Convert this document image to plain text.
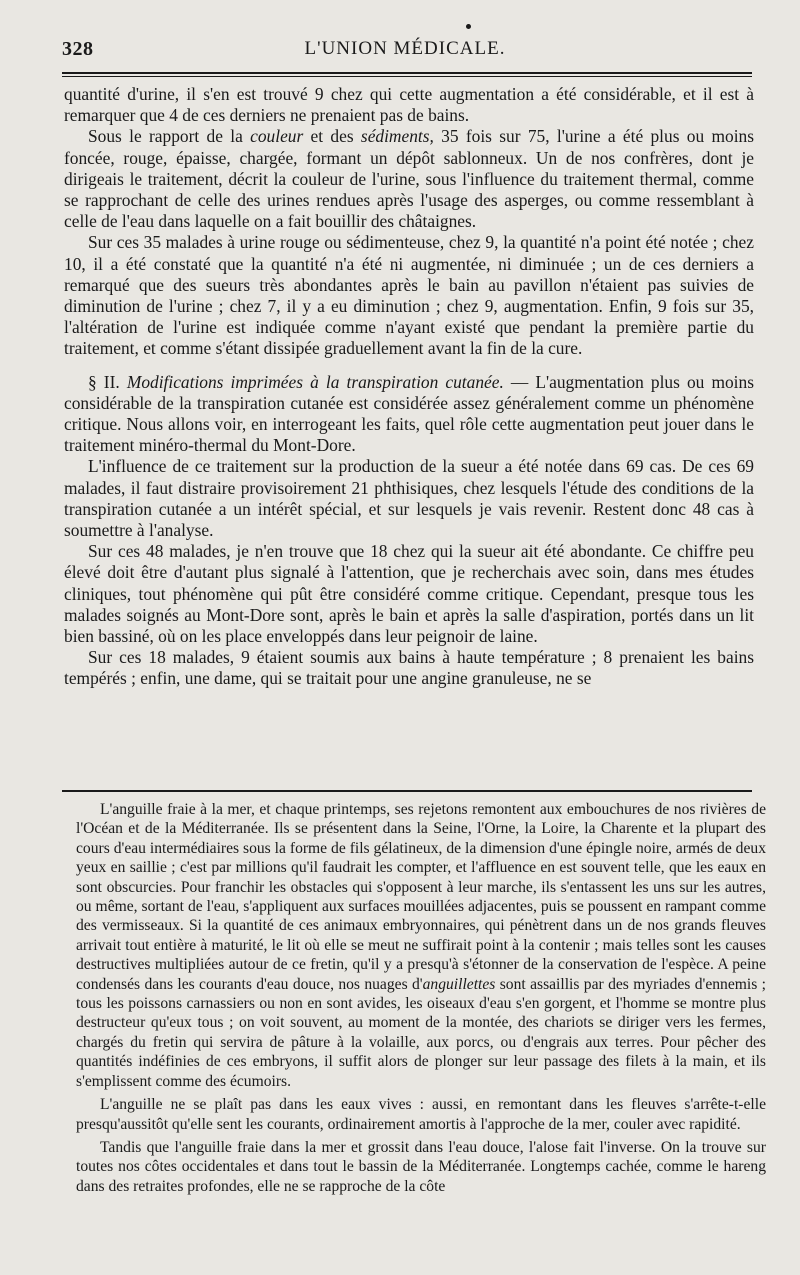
328	L'UNION MÉDICALE.

quantité d'urine, il s'en est trouvé 9 chez qui cette augmentation a été considérable, et il est à remarquer que 4 de ces derniers ne prenaient pas de bains.

Sous le rapport de la couleur et des sédiments, 35 fois sur 75, l'urine a été plus ou moins foncée, rouge, épaisse, chargée, formant un dépôt sablonneux. Un de nos confrères, dont je dirigeais le traitement, décrit la couleur de l'urine, sous l'influence du traitement thermal, comme se rapprochant de celle des urines rendues après l'usage des asperges, ou comme ressemblant à celle de l'eau dans laquelle on a fait bouillir des châtaignes.

Sur ces 35 malades à urine rouge ou sédimenteuse, chez 9, la quantité n'a point été notée ; chez 10, il a été constaté que la quantité n'a été ni augmentée, ni diminuée ; un de ces derniers a remarqué que des sueurs très abondantes après le bain au pavillon n'étaient pas suivies de diminution de l'urine ; chez 7, il y a eu diminution ; chez 9, augmentation. Enfin, 9 fois sur 35, l'altération de l'urine est indiquée comme n'ayant existé que pendant la première partie du traitement, et comme s'étant dissipée graduellement avant la fin de la cure.

§ II. Modifications imprimées à la transpiration cutanée. — L'augmentation plus ou moins considérable de la transpiration cutanée est considérée assez généralement comme un phénomène critique. Nous allons voir, en interrogeant les faits, quel rôle cette augmentation peut jouer dans le traitement minéro-thermal du Mont-Dore.

L'influence de ce traitement sur la production de la sueur a été notée dans 69 cas. De ces 69 malades, il faut distraire provisoirement 21 phthisiques, chez lesquels l'étude des conditions de la transpiration cutanée a un intérêt spécial, et sur lesquels je vais revenir. Restent donc 48 cas à soumettre à l'analyse.

Sur ces 48 malades, je n'en trouve que 18 chez qui la sueur ait été abondante. Ce chiffre peu élevé doit être d'autant plus signalé à l'attention, que je recherchais avec soin, dans mes études cliniques, tout phénomène qui pût être considéré comme critique. Cependant, presque tous les malades soignés au Mont-Dore sont, après le bain et après la salle d'aspiration, portés dans un lit bien bassiné, où on les place enveloppés dans leur peignoir de laine.

Sur ces 18 malades, 9 étaient soumis aux bains à haute température ; 8 prenaient les bains tempérés ; enfin, une dame, qui se traitait pour une angine granuleuse, ne se

L'anguille fraie à la mer, et chaque printemps, ses rejetons remontent aux embouchures de nos rivières de l'Océan et de la Méditerranée. Ils se présentent dans la Seine, l'Orne, la Loire, la Charente et la plupart des cours d'eau intermédiaires sous la forme de fils gélatineux, de la dimension d'une épingle noire, armés de deux yeux en saillie ; c'est par millions qu'il faudrait les compter, et l'affluence en est souvent telle, que les eaux en sont obscurcies. Pour franchir les obstacles qui s'opposent à leur marche, ils s'entassent les uns sur les autres, ou même, sortant de l'eau, s'appliquent aux surfaces mouillées adjacentes, puis se poussent en rampant comme des vermisseaux. Si la quantité de ces animaux embryonnaires, qui pénètrent dans un de nos grands fleuves arrivait tout entière à maturité, le lit où elle se meut ne suffirait point à la contenir ; mais telles sont les causes destructives multipliées autour de ce fretin, qu'il y a presqu'à s'étonner de la conservation de l'espèce. A peine condensés dans les courants d'eau douce, nos nuages d'anguillettes sont assaillis par des myriades d'ennemis ; tous les poissons carnassiers ou non en sont avides, les oiseaux d'eau s'en gorgent, et l'homme se montre plus destructeur qu'eux tous ; on voit souvent, au moment de la montée, des chariots se diriger vers les fermes, chargés du fretin qui servira de pâture à la volaille, aux porcs, ou d'engrais aux terres. Pour pêcher des quantités indéfinies de ces embryons, il suffit alors de plonger sur leur passage des filets à la main, et ils s'emplissent comme des écumoirs.

L'anguille ne se plaît pas dans les eaux vives : aussi, en remontant dans les fleuves s'arrête-t-elle presqu'aussitôt qu'elle sent les courants, ordinairement amortis à l'approche de la mer, couler avec rapidité.

Tandis que l'anguille fraie dans la mer et grossit dans l'eau douce, l'alose fait l'inverse. On la trouve sur toutes nos côtes occidentales et dans tout le bassin de la Méditerranée. Longtemps cachée, comme le hareng dans des retraites profondes, elle ne se rapproche de la côte
